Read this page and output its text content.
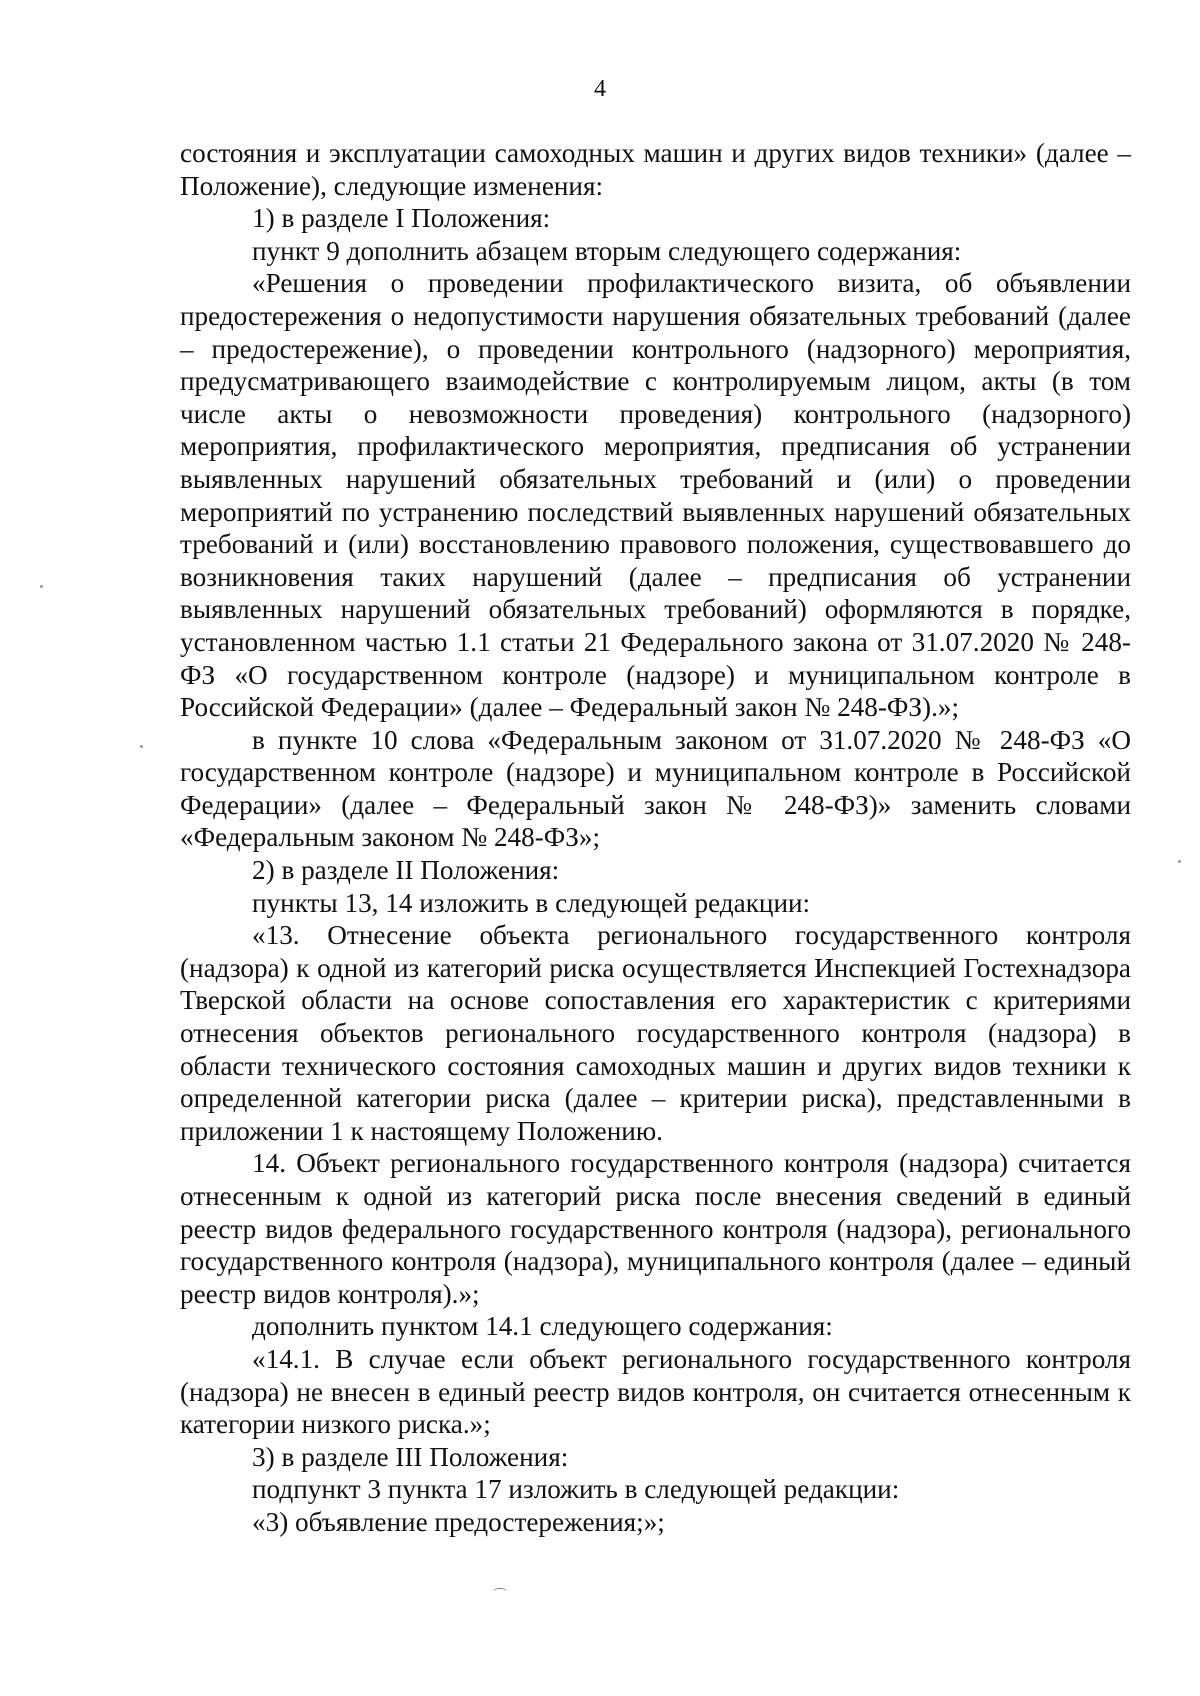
4

состояния и эксплуатации самоходных машин и других видов техники» (далее – Положение), следующие изменения:

1) в разделе I Положения:

пункт 9 дополнить абзацем вторым следующего содержания:

«Решения о проведении профилактического визита, об объявлении предостережения о недопустимости нарушения обязательных требований (далее – предостережение), о проведении контрольного (надзорного) мероприятия, предусматривающего взаимодействие с контролируемым лицом, акты (в том числе акты о невозможности проведения) контрольного (надзорного) мероприятия, профилактического мероприятия, предписания об устранении выявленных нарушений обязательных требований и (или) о проведении мероприятий по устранению последствий выявленных нарушений обязательных требований и (или) восстановлению правового положения, существовавшего до возникновения таких нарушений (далее – предписания об устранении выявленных нарушений обязательных требований) оформляются в порядке, установленном частью 1.1 статьи 21 Федерального закона от 31.07.2020 № 248-ФЗ «О государственном контроле (надзоре) и муниципальном контроле в Российской Федерации» (далее – Федеральный закон № 248-ФЗ).»;

в пункте 10 слова «Федеральным законом от 31.07.2020 № 248-ФЗ «О государственном контроле (надзоре) и муниципальном контроле в Российской Федерации» (далее – Федеральный закон № 248-ФЗ)» заменить словами «Федеральным законом № 248-ФЗ»;

2) в разделе II Положения:

пункты 13, 14 изложить в следующей редакции:

«13. Отнесение объекта регионального государственного контроля (надзора) к одной из категорий риска осуществляется Инспекцией Гостехнадзора Тверской области на основе сопоставления его характеристик с критериями отнесения объектов регионального государственного контроля (надзора) в области технического состояния самоходных машин и других видов техники к определенной категории риска (далее – критерии риска), представленными в приложении 1 к настоящему Положению.

14. Объект регионального государственного контроля (надзора) считается отнесенным к одной из категорий риска после внесения сведений в единый реестр видов федерального государственного контроля (надзора), регионального государственного контроля (надзора), муниципального контроля (далее – единый реестр видов контроля).»;

дополнить пунктом 14.1 следующего содержания:

«14.1. В случае если объект регионального государственного контроля (надзора) не внесен в единый реестр видов контроля, он считается отнесенным к категории низкого риска.»;

3) в разделе III Положения:

подпункт 3 пункта 17 изложить в следующей редакции:

«3) объявление предостережения;»;
